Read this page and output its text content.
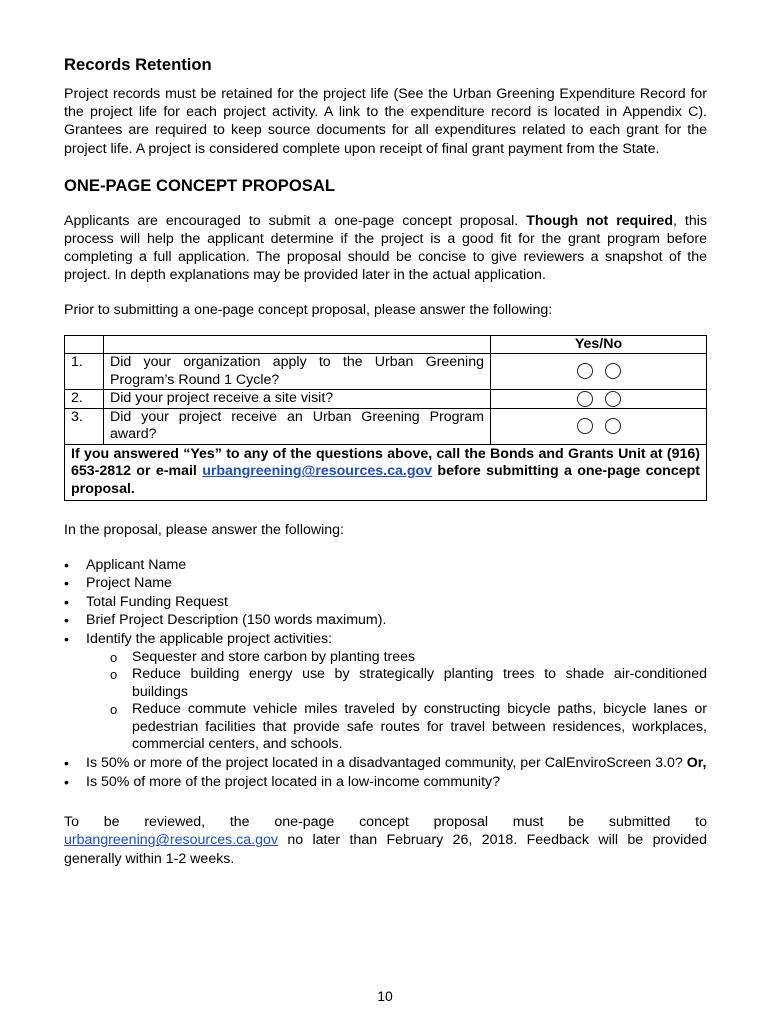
Records Retention

Project records must be retained for the project life (See the Urban Greening Expenditure Record for the project life for each project activity. A link to the expenditure record is located in Appendix C). Grantees are required to keep source documents for all expenditures related to each grant for the project life. A project is considered complete upon receipt of final grant payment from the State.

ONE-PAGE CONCEPT PROPOSAL

Applicants are encouraged to submit a one-page concept proposal. Though not required, this process will help the applicant determine if the project is a good fit for the grant program before completing a full application. The proposal should be concise to give reviewers a snapshot of the project. In depth explanations may be provided later in the actual application.

Prior to submitting a one-page concept proposal, please answer the following:

		Yes/No
1.	Did your organization apply to the Urban Greening Program’s Round 1 Cycle?	
2.	Did your project receive a site visit?	
3.	Did your project receive an Urban Greening Program award?	
If you answered “Yes” to any of the questions above, call the Bonds and Grants Unit at (916) 653-2812 or e-mail urbangreening@resources.ca.gov before submitting a one-page concept proposal.		

In the proposal, please answer the following:

• Applicant Name
• Project Name
• Total Funding Request
• Brief Project Description (150 words maximum).
• Identify the applicable project activities:
o Sequester and store carbon by planting trees
o Reduce building energy use by strategically planting trees to shade air-conditioned buildings
o Reduce commute vehicle miles traveled by constructing bicycle paths, bicycle lanes or pedestrian facilities that provide safe routes for travel between residences, workplaces, commercial centers, and schools.
• Is 50% or more of the project located in a disadvantaged community, per CalEnviroScreen 3.0? Or,
• Is 50% of more of the project located in a low-income community?

To be reviewed, the one-page concept proposal must be submitted to urbangreening@resources.ca.gov no later than February 26, 2018. Feedback will be provided generally within 1-2 weeks.

10
